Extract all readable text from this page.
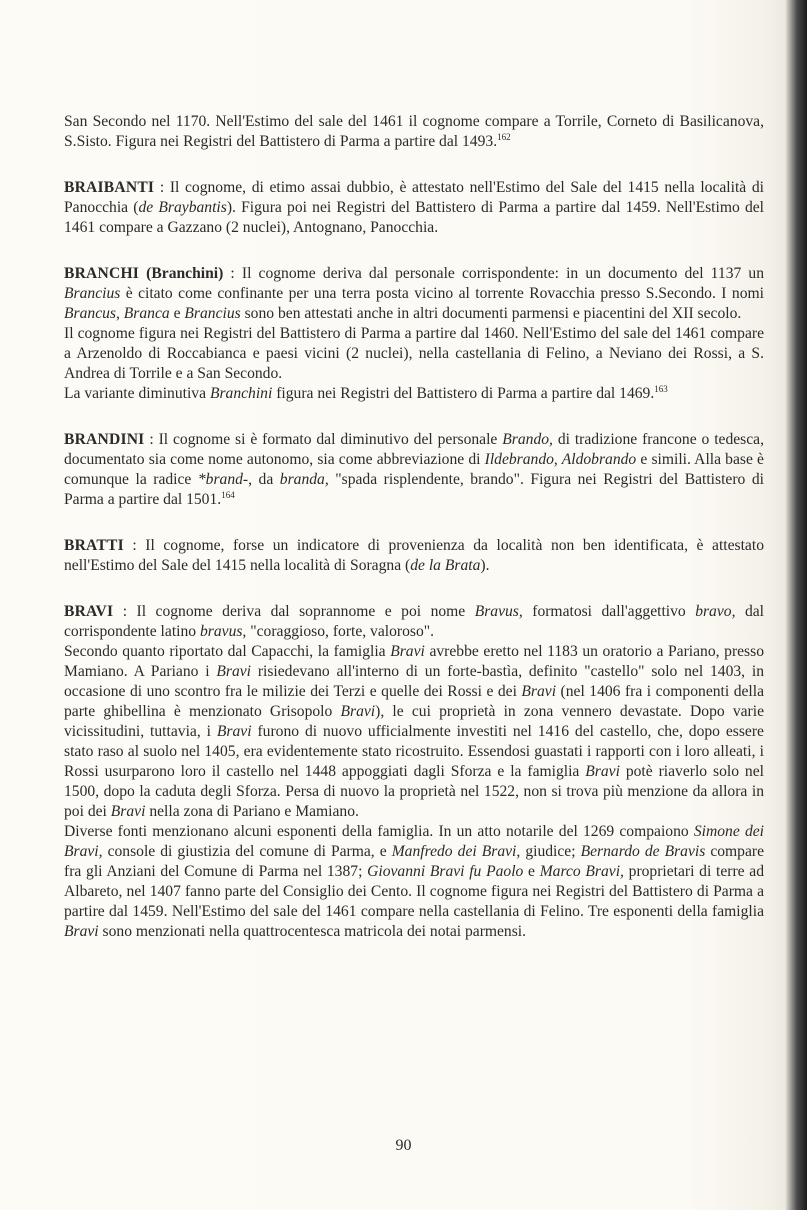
San Secondo nel 1170. Nell'Estimo del sale del 1461 il cognome compare a Torrile, Corneto di Basilicanova, S.Sisto. Figura nei Registri del Battistero di Parma a partire dal 1493.$^{162}$

BRAIBANTI : Il cognome, di etimo assai dubbio, è attestato nell'Estimo del Sale del 1415 nella località di Panocchia (de Braybantis). Figura poi nei Registri del Battistero di Parma a partire dal 1459. Nell'Estimo del 1461 compare a Gazzano (2 nuclei), Antognano, Panocchia.

BRANCHI (Branchini) : Il cognome deriva dal personale corrispondente: in un documento del 1137 un Brancius è citato come confinante per una terra posta vicino al torrente Rovacchia presso S.Secondo. I nomi Brancus, Branca e Brancius sono ben attestati anche in altri documenti parmensi e piacentini del XII secolo.

Il cognome figura nei Registri del Battistero di Parma a partire dal 1460. Nell'Estimo del sale del 1461 compare a Arzenoldo di Roccabianca e paesi vicini (2 nuclei), nella castellania di Felino, a Neviano dei Rossi, a S. Andrea di Torrile e a San Secondo.

La variante diminutiva Branchini figura nei Registri del Battistero di Parma a partire dal 1469.$^{163}$

BRANDINI : Il cognome si è formato dal diminutivo del personale Brando, di tradizione francone o tedesca, documentato sia come nome autonomo, sia come abbreviazione di Ildebrando, Aldobrando e simili. Alla base è comunque la radice *brand-, da branda, "spada risplendente, brando". Figura nei Registri del Battistero di Parma a partire dal 1501.$^{164}$

BRATTI : Il cognome, forse un indicatore di provenienza da località non ben identificata, è attestato nell'Estimo del Sale del 1415 nella località di Soragna (de la Brata).

BRAVI : Il cognome deriva dal soprannome e poi nome Bravus, formatosi dall'aggettivo bravo, dal corrispondente latino bravus, "coraggioso, forte, valoroso".

Secondo quanto riportato dal Capacchi, la famiglia Bravi avrebbe eretto nel 1183 un oratorio a Pariano, presso Mamiano. A Pariano i Bravi risiedevano all'interno di un forte-bastìa, definito "castello" solo nel 1403, in occasione di uno scontro fra le milizie dei Terzi e quelle dei Rossi e dei Bravi (nel 1406 fra i componenti della parte ghibellina è menzionato Grisopolo Bravi), le cui proprietà in zona vennero devastate. Dopo varie vicissitudini, tuttavia, i Bravi furono di nuovo ufficialmente investiti nel 1416 del castello, che, dopo essere stato raso al suolo nel 1405, era evidentemente stato ricostruito. Essendosi guastati i rapporti con i loro alleati, i Rossi usurparono loro il castello nel 1448 appoggiati dagli Sforza e la famiglia Bravi potè riaverlo solo nel 1500, dopo la caduta degli Sforza. Persa di nuovo la proprietà nel 1522, non si trova più menzione da allora in poi dei Bravi nella zona di Pariano e Mamiano.

Diverse fonti menzionano alcuni esponenti della famiglia. In un atto notarile del 1269 compaiono Simone dei Bravi, console di giustizia del comune di Parma, e Manfredo dei Bravi, giudice; Bernardo de Bravis compare fra gli Anziani del Comune di Parma nel 1387; Giovanni Bravi fu Paolo e Marco Bravi, proprietari di terre ad Albareto, nel 1407 fanno parte del Consiglio dei Cento. Il cognome figura nei Registri del Battistero di Parma a partire dal 1459. Nell'Estimo del sale del 1461 compare nella castellania di Felino. Tre esponenti della famiglia Bravi sono menzionati nella quattrocentesca matricola dei notai parmensi.

90
